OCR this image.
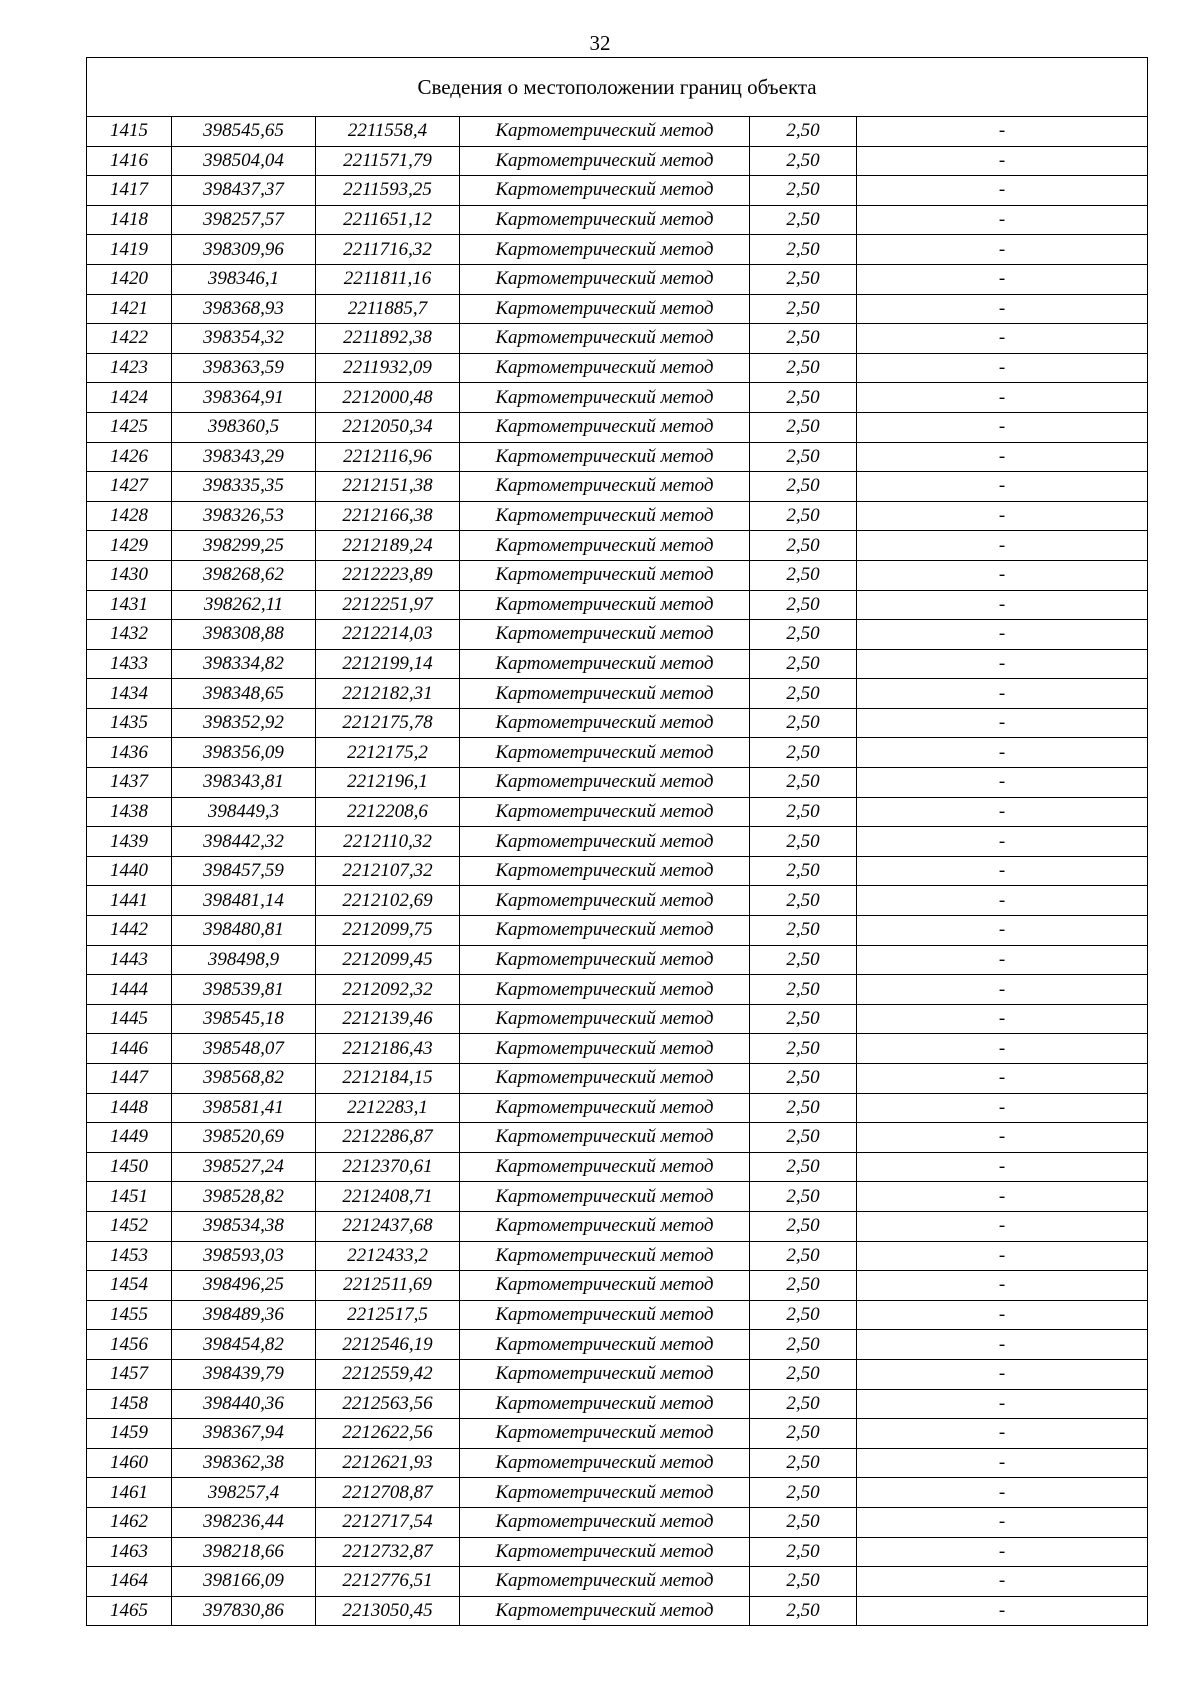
32
Сведения о местоположении границ объекта					
1415	398545,65	2211558,4	Картометрический метод	2,50	-
1416	398504,04	2211571,79	Картометрический метод	2,50	-
1417	398437,37	2211593,25	Картометрический метод	2,50	-
1418	398257,57	2211651,12	Картометрический метод	2,50	-
1419	398309,96	2211716,32	Картометрический метод	2,50	-
1420	398346,1	2211811,16	Картометрический метод	2,50	-
1421	398368,93	2211885,7	Картометрический метод	2,50	-
1422	398354,32	2211892,38	Картометрический метод	2,50	-
1423	398363,59	2211932,09	Картометрический метод	2,50	-
1424	398364,91	2212000,48	Картометрический метод	2,50	-
1425	398360,5	2212050,34	Картометрический метод	2,50	-
1426	398343,29	2212116,96	Картометрический метод	2,50	-
1427	398335,35	2212151,38	Картометрический метод	2,50	-
1428	398326,53	2212166,38	Картометрический метод	2,50	-
1429	398299,25	2212189,24	Картометрический метод	2,50	-
1430	398268,62	2212223,89	Картометрический метод	2,50	-
1431	398262,11	2212251,97	Картометрический метод	2,50	-
1432	398308,88	2212214,03	Картометрический метод	2,50	-
1433	398334,82	2212199,14	Картометрический метод	2,50	-
1434	398348,65	2212182,31	Картометрический метод	2,50	-
1435	398352,92	2212175,78	Картометрический метод	2,50	-
1436	398356,09	2212175,2	Картометрический метод	2,50	-
1437	398343,81	2212196,1	Картометрический метод	2,50	-
1438	398449,3	2212208,6	Картометрический метод	2,50	-
1439	398442,32	2212110,32	Картометрический метод	2,50	-
1440	398457,59	2212107,32	Картометрический метод	2,50	-
1441	398481,14	2212102,69	Картометрический метод	2,50	-
1442	398480,81	2212099,75	Картометрический метод	2,50	-
1443	398498,9	2212099,45	Картометрический метод	2,50	-
1444	398539,81	2212092,32	Картометрический метод	2,50	-
1445	398545,18	2212139,46	Картометрический метод	2,50	-
1446	398548,07	2212186,43	Картометрический метод	2,50	-
1447	398568,82	2212184,15	Картометрический метод	2,50	-
1448	398581,41	2212283,1	Картометрический метод	2,50	-
1449	398520,69	2212286,87	Картометрический метод	2,50	-
1450	398527,24	2212370,61	Картометрический метод	2,50	-
1451	398528,82	2212408,71	Картометрический метод	2,50	-
1452	398534,38	2212437,68	Картометрический метод	2,50	-
1453	398593,03	2212433,2	Картометрический метод	2,50	-
1454	398496,25	2212511,69	Картометрический метод	2,50	-
1455	398489,36	2212517,5	Картометрический метод	2,50	-
1456	398454,82	2212546,19	Картометрический метод	2,50	-
1457	398439,79	2212559,42	Картометрический метод	2,50	-
1458	398440,36	2212563,56	Картометрический метод	2,50	-
1459	398367,94	2212622,56	Картометрический метод	2,50	-
1460	398362,38	2212621,93	Картометрический метод	2,50	-
1461	398257,4	2212708,87	Картометрический метод	2,50	-
1462	398236,44	2212717,54	Картометрический метод	2,50	-
1463	398218,66	2212732,87	Картометрический метод	2,50	-
1464	398166,09	2212776,51	Картометрический метод	2,50	-
1465	397830,86	2213050,45	Картометрический метод	2,50	-
